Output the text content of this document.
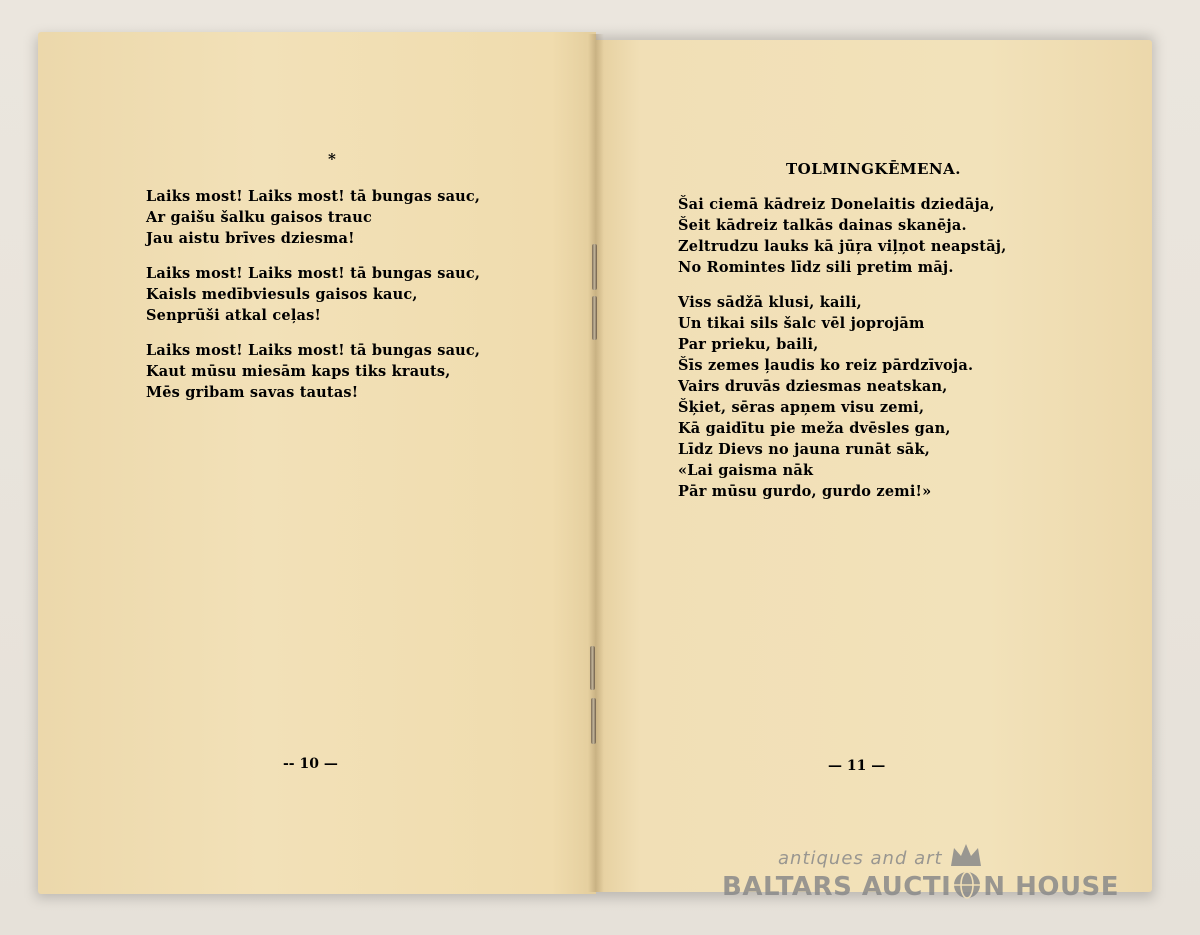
*
Laiks most! Laiks most! tā bungas sauc,
Ar gaišu šalku gaisos trauc
Jau aistu brīves dziesma!
Laiks most! Laiks most! tā bungas sauc,
Kaisls medībviesuls gaisos kauc,
Senprūši atkal ceļas!
Laiks most! Laiks most! tā bungas sauc,
Kaut mūsu miesām kaps tiks krauts,
Mēs gribam savas tautas!
-- 10 —
TOLMINGKĒMENA.
Šai ciemā kādreiz Donelaitis dziedāja,
Šeit kādreiz talkās dainas skanēja.
Zeltrudzu lauks kā jūŗa viļņot neapstāj,
No Romintes līdz sili pretim māj.
Viss sādžā klusi, kaili,
Un tikai sils šalc vēl joprojām
Par prieku, baili,
Šīs zemes ļaudis ko reiz pārdzīvoja.
Vairs druvās dziesmas neatskan,
Šķiet, sēras apņem visu zemi,
Kā gaidītu pie meža dvēsles gan,
Līdz Dievs no jauna runāt sāk,
«Lai gaisma nāk
Pār mūsu gurdo, gurdo zemi!»
— 11 —
antiques and art
BALTARS AUCTI N HOUSE
